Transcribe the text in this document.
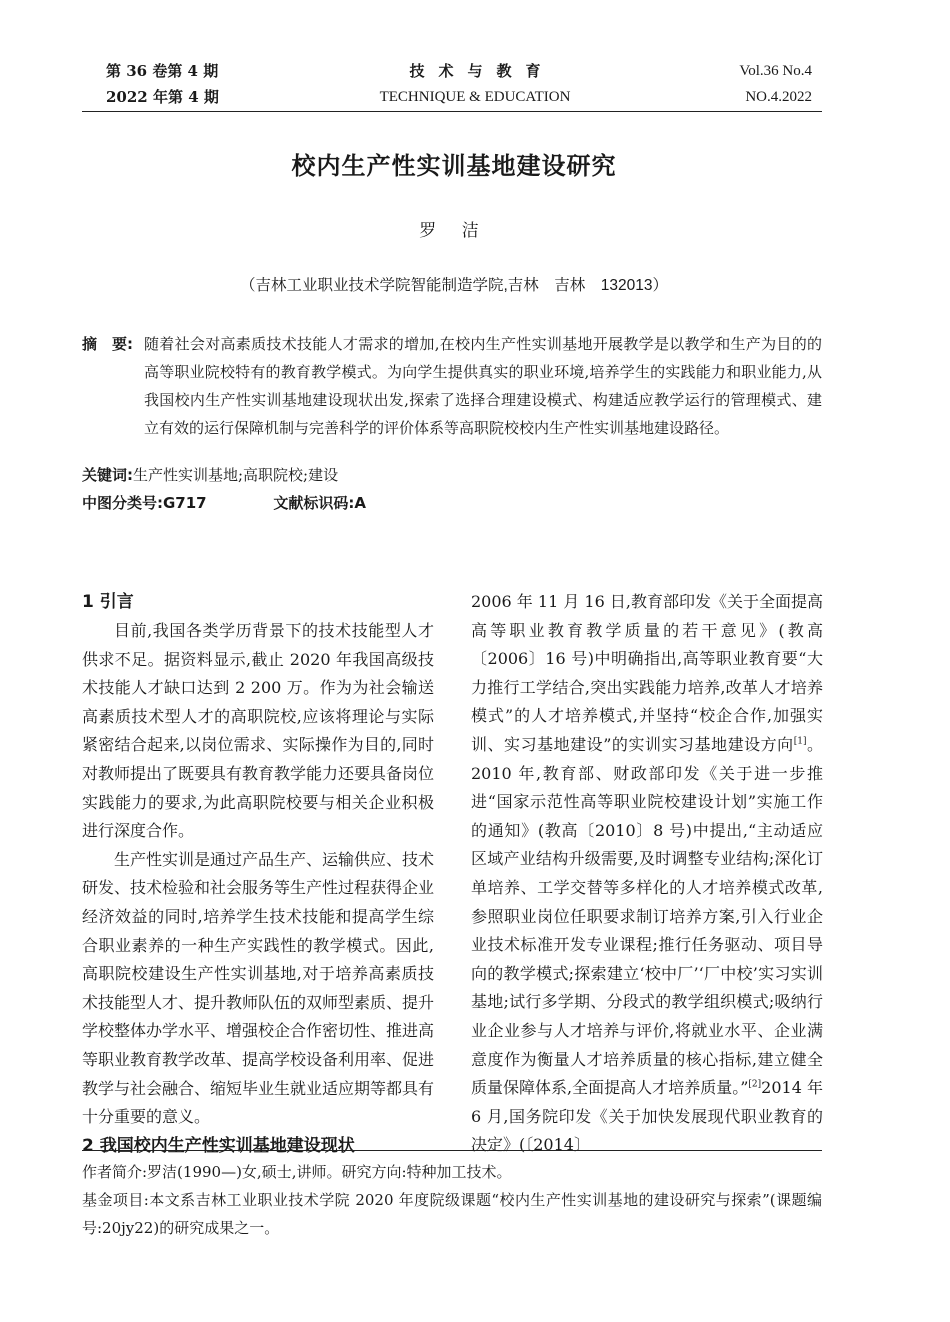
第 36 卷第 4 期
2022 年第 4 期
技术与教育
TECHNIQUE & EDUCATION
Vol.36 No.4
NO.4.2022
校内生产性实训基地建设研究
罗 洁
（吉林工业职业技术学院智能制造学院,吉林　吉林　132013）
摘　要: 随着社会对高素质技术技能人才需求的增加,在校内生产性实训基地开展教学是以教学和生产为目的的高等职业院校特有的教育教学模式。为向学生提供真实的职业环境,培养学生的实践能力和职业能力,从我国校内生产性实训基地建设现状出发,探索了选择合理建设模式、构建适应教学运行的管理模式、建立有效的运行保障机制与完善科学的评价体系等高职院校校内生产性实训基地建设路径。
关键词:生产性实训基地;高职院校;建设
中图分类号:G717	文献标识码:A
1 引言

目前,我国各类学历背景下的技术技能型人才供求不足。据资料显示,截止 2020 年我国高级技术技能人才缺口达到 2 200 万。作为为社会输送高素质技术型人才的高职院校,应该将理论与实际紧密结合起来,以岗位需求、实际操作为目的,同时对教师提出了既要具有教育教学能力还要具备岗位实践能力的要求,为此高职院校要与相关企业积极进行深度合作。

生产性实训是通过产品生产、运输供应、技术研发、技术检验和社会服务等生产性过程获得企业经济效益的同时,培养学生技术技能和提高学生综合职业素养的一种生产实践性的教学模式。因此,高职院校建设生产性实训基地,对于培养高素质技术技能型人才、提升教师队伍的双师型素质、提升学校整体办学水平、增强校企合作密切性、推进高等职业教育教学改革、提高学校设备利用率、促进教学与社会融合、缩短毕业生就业适应期等都具有十分重要的意义。

2 我国校内生产性实训基地建设现状

2006 年 11 月 16 日,教育部印发《关于全面提高高等职业教育教学质量的若干意见》(教高〔2006〕16 号)中明确指出,高等职业教育要“大力推行工学结合,突出实践能力培养,改革人才培养模式”的人才培养模式,并坚持“校企合作,加强实训、实习基地建设”的实训实习基地建设方向[1]。2010 年,教育部、财政部印发《关于进一步推进“国家示范性高等职业院校建设计划”实施工作的通知》(教高〔2010〕8 号)中提出,“主动适应区域产业结构升级需要,及时调整专业结构;深化订单培养、工学交替等多样化的人才培养模式改革,参照职业岗位任职要求制订培养方案,引入行业企业技术标准开发专业课程;推行任务驱动、项目导向的教学模式;探索建立‘校中厂’‘厂中校’实习实训基地;试行多学期、分段式的教学组织模式;吸纳行业企业参与人才培养与评价,将就业水平、企业满意度作为衡量人才培养质量的核心指标,建立健全质量保障体系,全面提高人才培养质量。”[2]2014 年 6 月,国务院印发《关于加快发展现代职业教育的决定》(〔2014〕

作者简介:罗洁(1990—)女,硕士,讲师。研究方向:特种加工技术。
基金项目:本文系吉林工业职业技术学院 2020 年度院级课题“校内生产性实训基地的建设研究与探索”(课题编号:20jy22)的研究成果之一。
